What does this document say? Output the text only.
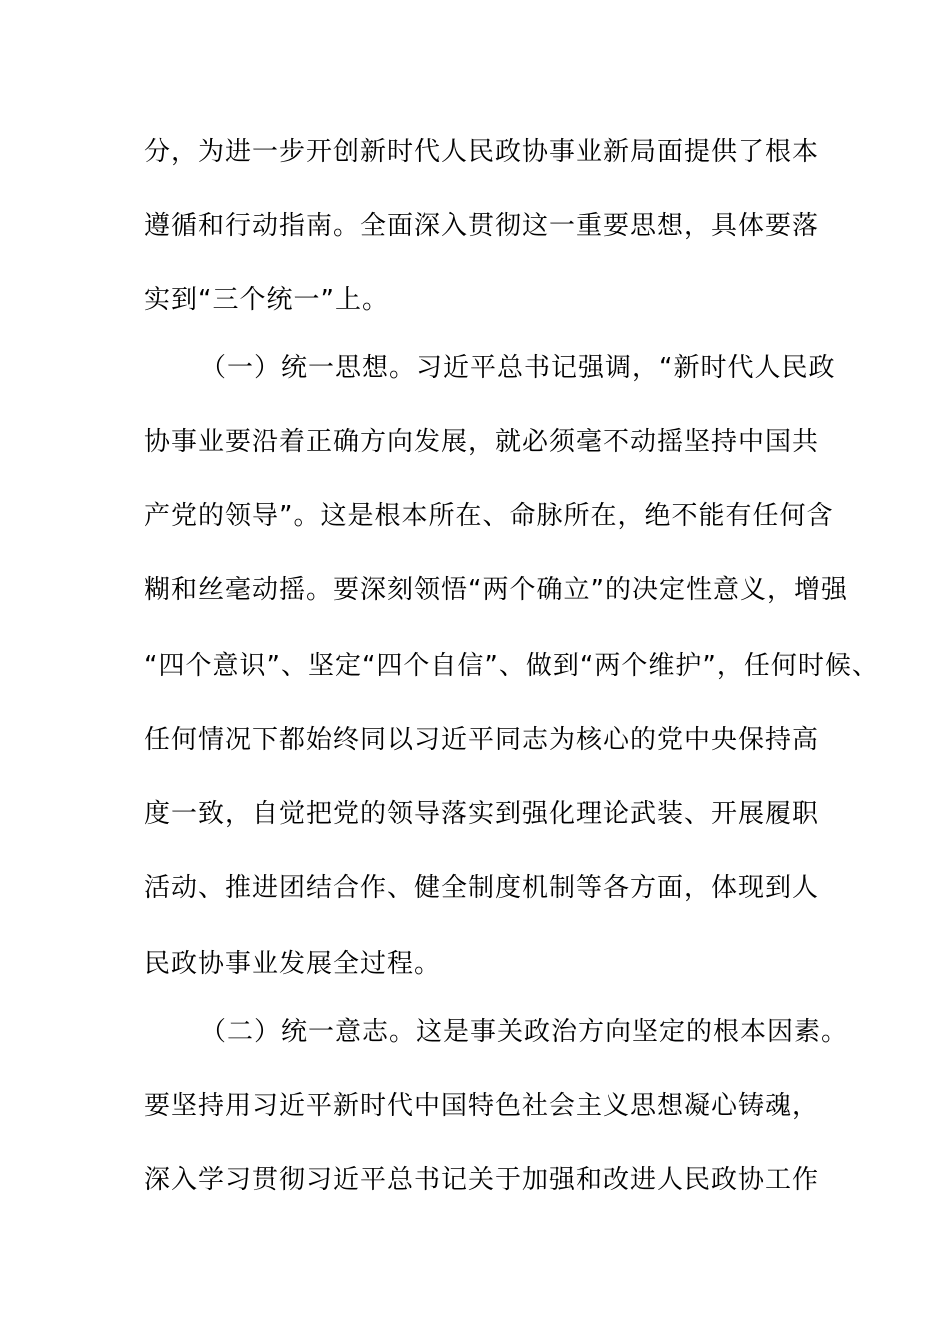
分，为进一步开创新时代人民政协事业新局面提供了根本
遵循和行动指南。全面深入贯彻这一重要思想，具体要落
实到“三个统一”上。
（一）统一思想。习近平总书记强调，“新时代人民政
协事业要沿着正确方向发展，就必须毫不动摇坚持中国共
产党的领导”。这是根本所在、命脉所在，绝不能有任何含
糊和丝毫动摇。要深刻领悟“两个确立”的决定性意义，增强
“四个意识”、坚定“四个自信”、做到“两个维护”，任何时候、
任何情况下都始终同以习近平同志为核心的党中央保持高
度一致，自觉把党的领导落实到强化理论武装、开展履职
活动、推进团结合作、健全制度机制等各方面，体现到人
民政协事业发展全过程。
（二）统一意志。这是事关政治方向坚定的根本因素。
要坚持用习近平新时代中国特色社会主义思想凝心铸魂，
深入学习贯彻习近平总书记关于加强和改进人民政协工作
